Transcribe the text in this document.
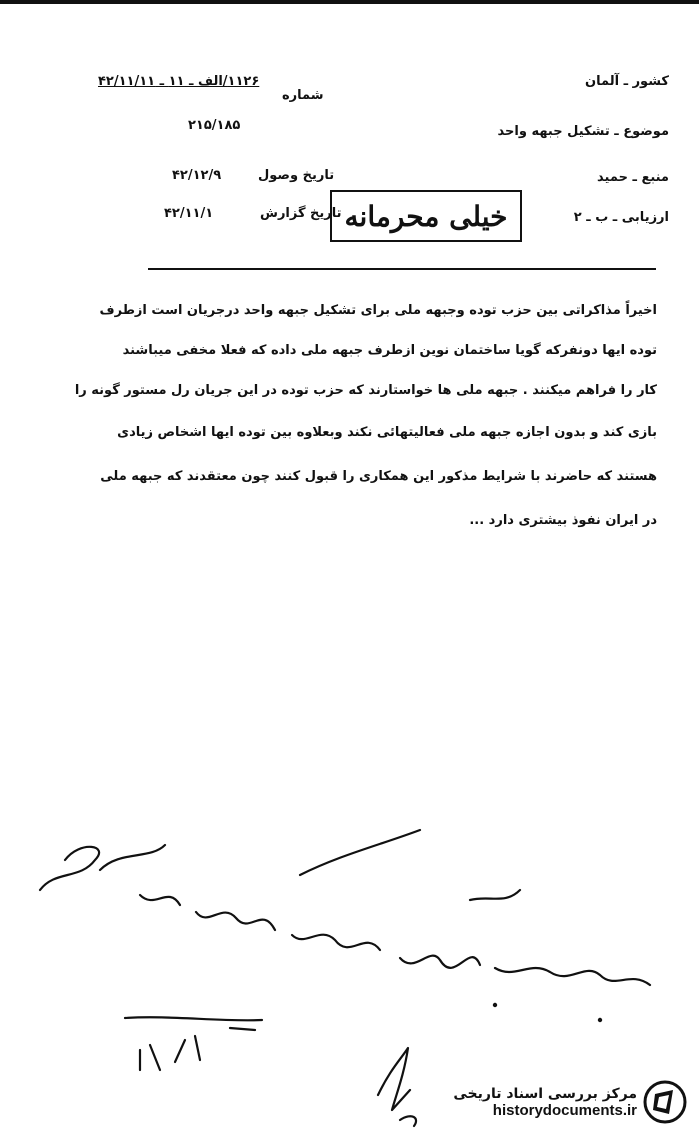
کشور ـ آلمان
موضوع ـ تشکیل جبهه واحد
منبع ـ حمید
ارزیابی ـ ب ـ ۲
شماره
۱۱۲۶/الف ـ ۱۱ ـ ۴۲/۱۱/۱۱
۲۱۵/۱۸۵
تاریخ وصول
۴۲/۱۲/۹
تاریخ گزارش
۴۲/۱۱/۱	خیلی محرمانه
اخیراً مذاکراتی بین حزب توده وجبهه ملی برای تشکیل جبهه واحد درجریان است ازطرف
توده ایها دونفرکه گویا ساختمان نوین ازطرف جبهه ملی داده که فعلا مخفی میباشند
کار را فراهم میکنند . جبهه ملی ها خواستارند که حزب توده در این جریان رل مستور گونه را
بازی کند و بدون اجازه جبهه ملی فعالیتهائی نکند وبعلاوه بین توده ایها اشخاص زیادی
هستند که حاضرند با شرایط مذکور این همکاری را قبول کنند چون معتقدند که جبهه ملی
در ایران نفوذ بیشتری دارد ...
مرکز بررسی اسناد تاریخی
historydocuments.ir
